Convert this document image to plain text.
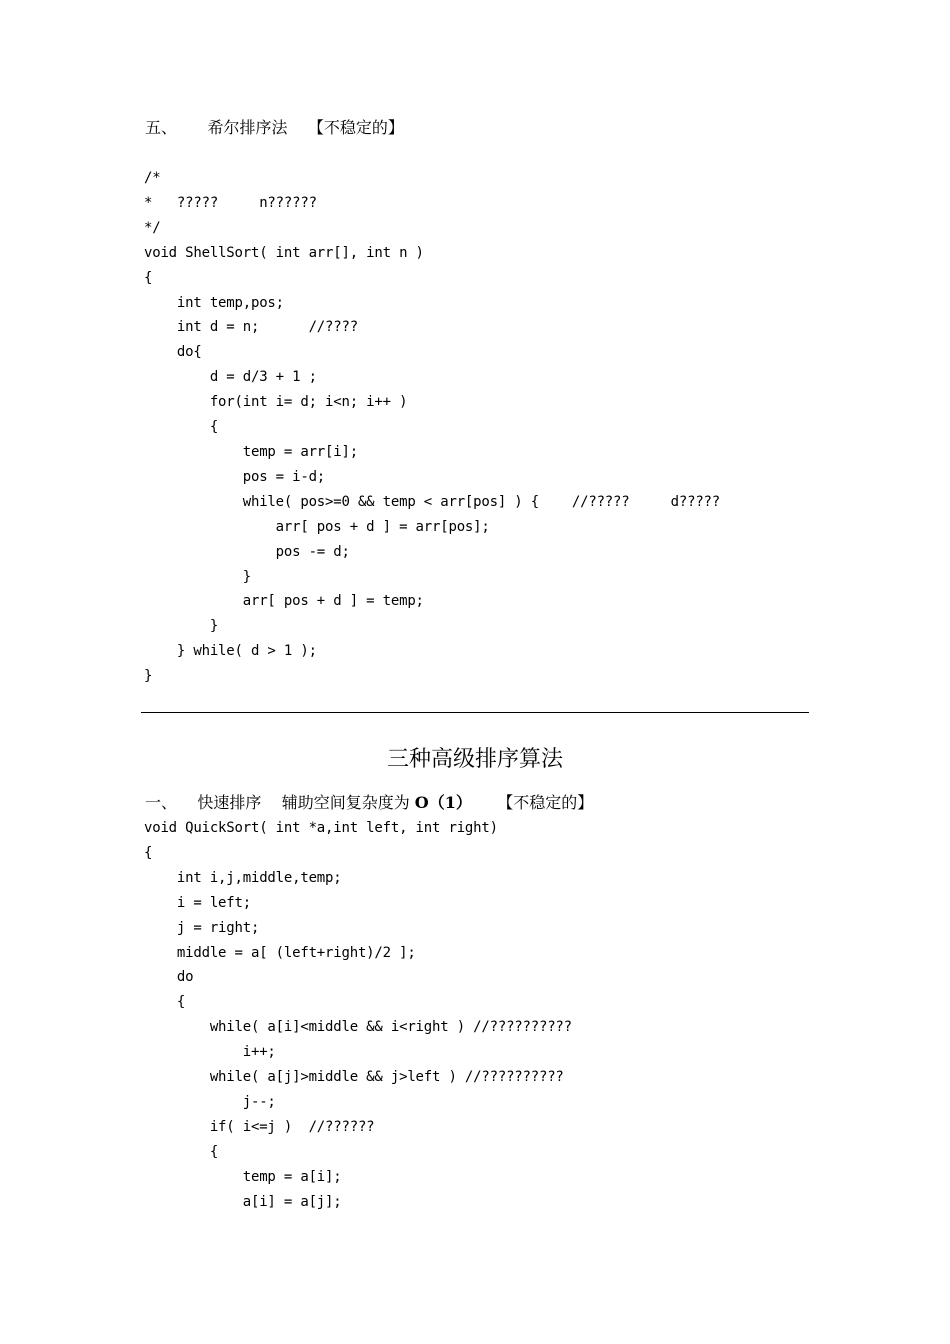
五、      希尔排序法    【不稳定的】
/*
*   ?????     n??????
*/
void ShellSort( int arr[], int n )
{
int temp,pos;
int d = n;      //????
do{
d = d/3 + 1 ;
for(int i= d; i<n; i++ )
{
temp = arr[i];
pos = i-d;
while( pos>=0 && temp < arr[pos] ) {    //?????     d?????
arr[ pos + d ] = arr[pos];
pos -= d;
}
arr[ pos + d ] = temp;
}
} while( d > 1 );
}
三种高级排序算法
一、    快速排序    辅助空间复杂度为 O（1）     【不稳定的】
void QuickSort( int *a,int left, int right)
{
int i,j,middle,temp;
i = left;
j = right;
middle = a[ (left+right)/2 ];
do
{
while( a[i]<middle && i<right ) //??????????
i++;
while( a[j]>middle && j>left ) //??????????
j--;
if( i<=j )  //??????
{
temp = a[i];
a[i] = a[j];
